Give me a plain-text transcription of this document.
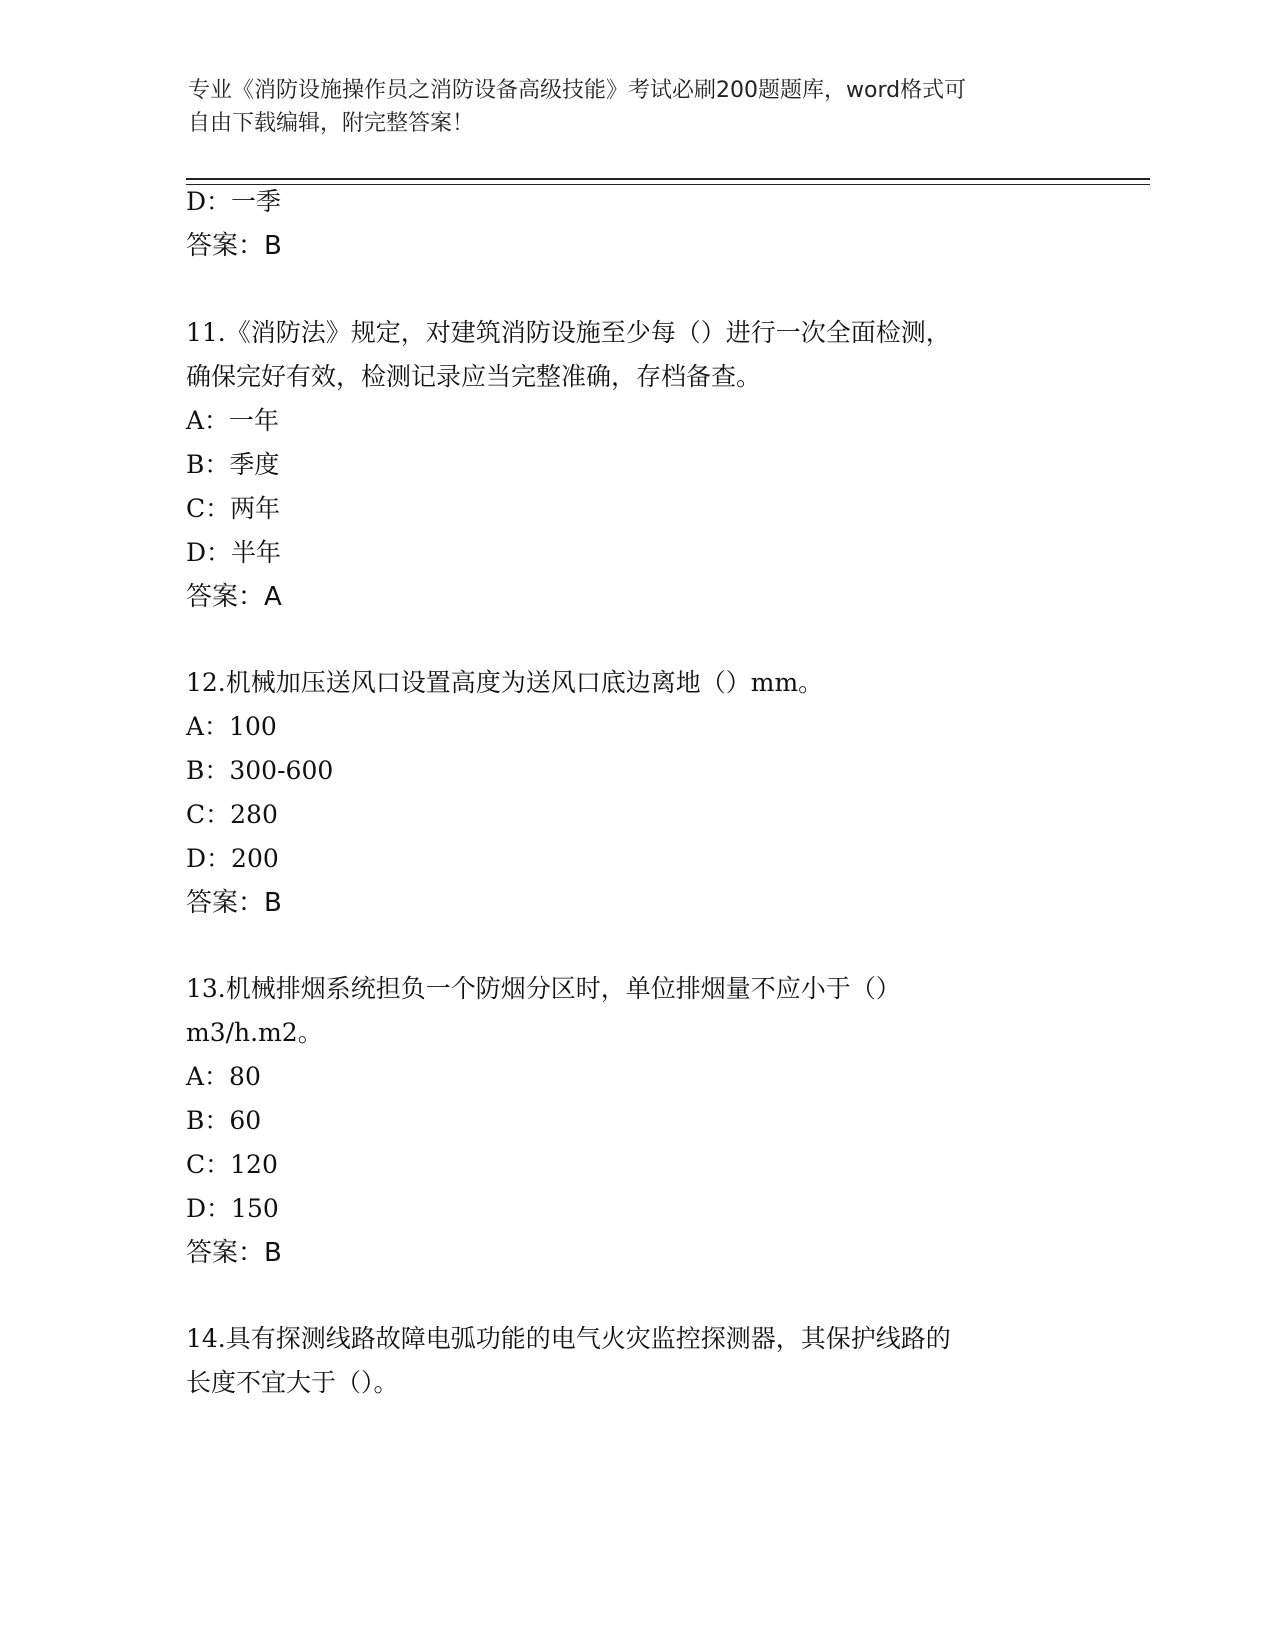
专业《消防设施操作员之消防设备高级技能》考试必刷200题题库，word格式可
自由下载编辑，附完整答案！
D：一季
答案：B
11.《消防法》规定，对建筑消防设施至少每（）进行一次全面检测，
确保完好有效，检测记录应当完整准确，存档备查。
A：一年
B：季度
C：两年
D：半年
答案：A
12.机械加压送风口设置高度为送风口底边离地（）mm。
A：100
B：300-600
C：280
D：200
答案：B
13.机械排烟系统担负一个防烟分区时，单位排烟量不应小于（）
m3/h.m2。
A：80
B：60
C：120
D：150
答案：B
14.具有探测线路故障电弧功能的电气火灾监控探测器，其保护线路的
长度不宜大于（）。
